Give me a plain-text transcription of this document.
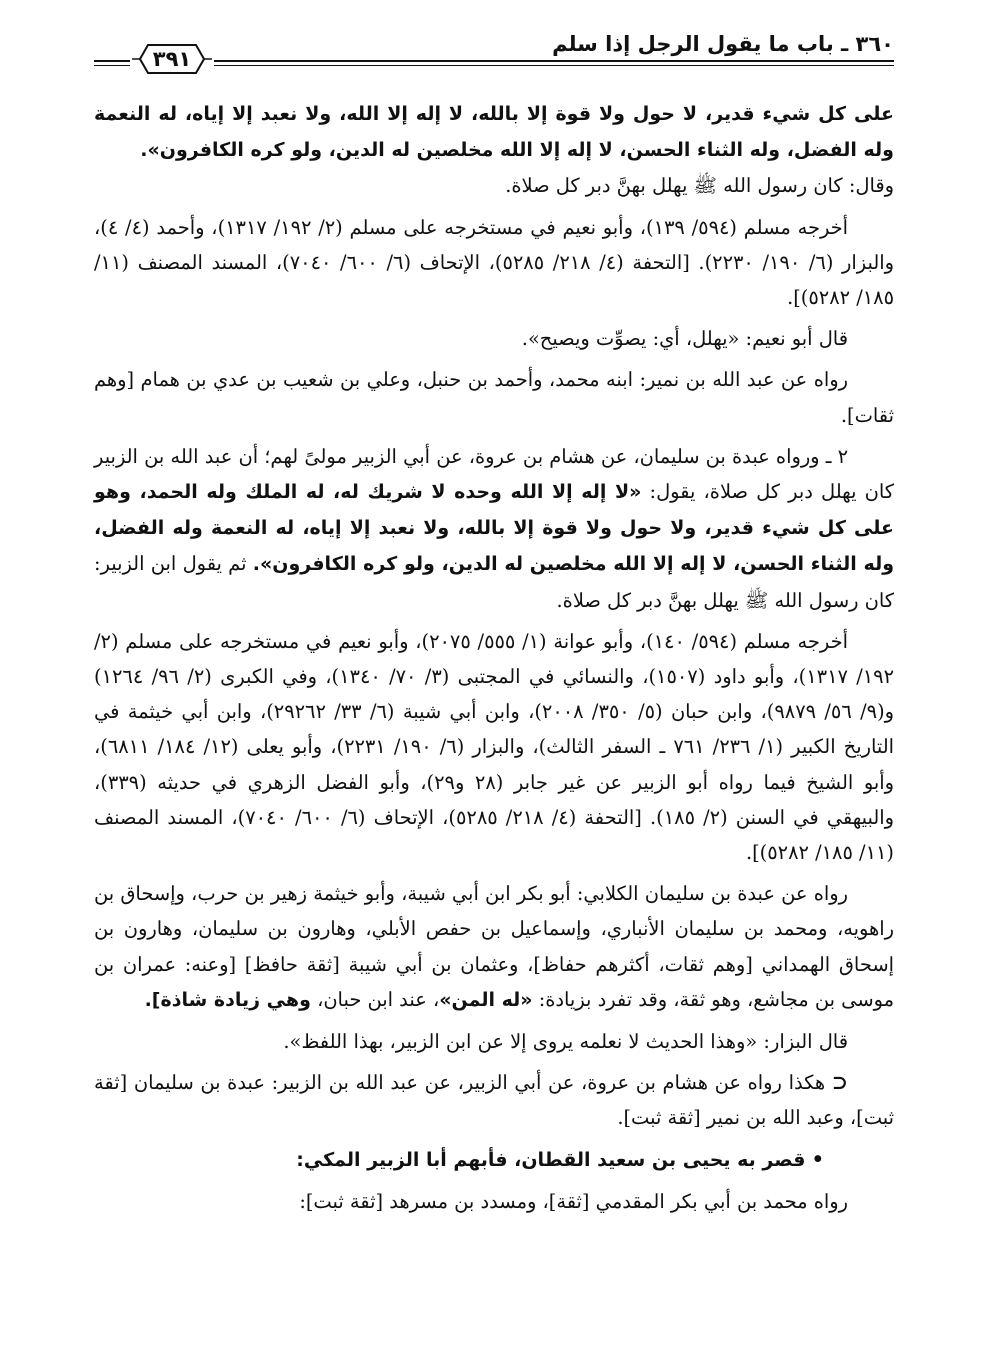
٣٦٠ ـ باب ما يقول الرجل إذا سلم
٣٩١

على كل شيء قدير، لا حول ولا قوة إلا بالله، لا إله إلا الله، ولا نعبد إلا إياه، له النعمة وله الفضل، وله الثناء الحسن، لا إله إلا الله مخلصين له الدين، ولو كره الكافرون».
وقال: كان رسول الله ﷺ يهلل بهنَّ دبر كل صلاة.

أخرجه مسلم (٥٩٤/ ١٣٩)، وأبو نعيم في مستخرجه على مسلم (٢/ ١٩٢/ ١٣١٧)، وأحمد (٤/ ٤)، والبزار (٦/ ١٩٠/ ٢٢٣٠). [التحفة (٤/ ٢١٨/ ٥٢٨٥)، الإتحاف (٦/ ٦٠٠/ ٧٠٤٠)، المسند المصنف (١١/ ١٨٥/ ٥٢٨٢)].

قال أبو نعيم: «يهلل، أي: يصوِّت ويصيح».

رواه عن عبد الله بن نمير: ابنه محمد، وأحمد بن حنبل، وعلي بن شعيب بن عدي بن همام [وهم ثقات].

٢ ـ ورواه عبدة بن سليمان، عن هشام بن عروة، عن أبي الزبير مولىً لهم؛ أن عبد الله بن الزبير كان يهلل دبر كل صلاة، يقول: «لا إله إلا الله وحده لا شريك له، له الملك وله الحمد، وهو على كل شيء قدير، ولا حول ولا قوة إلا بالله، ولا نعبد إلا إياه، له النعمة وله الفضل، وله الثناء الحسن، لا إله إلا الله مخلصين له الدين، ولو كره الكافرون». ثم يقول ابن الزبير: كان رسول الله ﷺ يهلل بهنَّ دبر كل صلاة.

أخرجه مسلم (٥٩٤/ ١٤٠)، وأبو عوانة (١/ ٥٥٥/ ٢٠٧٥)، وأبو نعيم في مستخرجه على مسلم (٢/ ١٩٢/ ١٣١٧)، وأبو داود (١٥٠٧)، والنسائي في المجتبى (٣/ ٧٠/ ١٣٤٠)، وفي الكبرى (٢/ ٩٦/ ١٢٦٤) و(٩/ ٥٦/ ٩٨٧٩)، وابن حبان (٥/ ٣٥٠/ ٢٠٠٨)، وابن أبي شيبة (٦/ ٣٣/ ٢٩٢٦٢)، وابن أبي خيثمة في التاريخ الكبير (١/ ٢٣٦/ ٧٦١ ـ السفر الثالث)، والبزار (٦/ ١٩٠/ ٢٢٣١)، وأبو يعلى (١٢/ ١٨٤/ ٦٨١١)، وأبو الشيخ فيما رواه أبو الزبير عن غير جابر (٢٨ و٢٩)، وأبو الفضل الزهري في حديثه (٣٣٩)، والبيهقي في السنن (٢/ ١٨٥). [التحفة (٤/ ٢١٨/ ٥٢٨٥)، الإتحاف (٦/ ٦٠٠/ ٧٠٤٠)، المسند المصنف (١١/ ١٨٥/ ٥٢٨٢)].

رواه عن عبدة بن سليمان الكلابي: أبو بكر ابن أبي شيبة، وأبو خيثمة زهير بن حرب، وإسحاق بن راهويه، ومحمد بن سليمان الأنباري، وإسماعيل بن حفص الأبلي، وهارون بن سليمان، وهارون بن إسحاق الهمداني [وهم ثقات، أكثرهم حفاظ]، وعثمان بن أبي شيبة [ثقة حافظ] [وعنه: عمران بن موسى بن مجاشع، وهو ثقة، وقد تفرد بزيادة: «له المن»، عند ابن حبان، وهي زيادة شاذة].

قال البزار: «وهذا الحديث لا نعلمه يروى إلا عن ابن الزبير، بهذا اللفظ».

⊂ هكذا رواه عن هشام بن عروة، عن أبي الزبير، عن عبد الله بن الزبير: عبدة بن سليمان [ثقة ثبت]، وعبد الله بن نمير [ثقة ثبت].

• قصر به يحيى بن سعيد القطان، فأبهم أبا الزبير المكي:

رواه محمد بن أبي بكر المقدمي [ثقة]، ومسدد بن مسرهد [ثقة ثبت]:
